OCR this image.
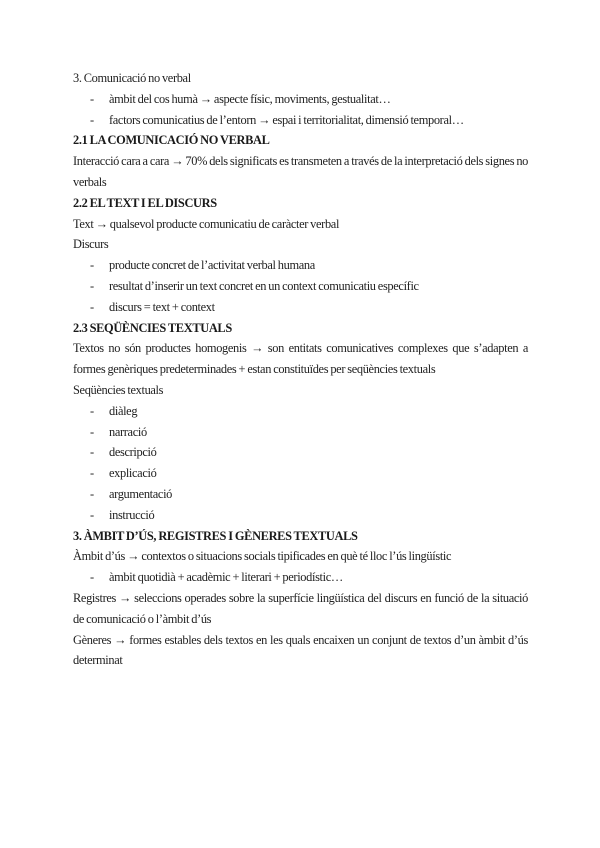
3. Comunicació no verbal
- àmbit del cos humà → aspecte físic, moviments, gestualitat…
- factors comunicatius de l’entorn → espai i territorialitat, dimensió temporal…
2.1 LA COMUNICACIÓ NO VERBAL
Interacció cara a cara → 70% dels significats es transmeten a través de la interpretació dels signes no verbals
2.2 EL TEXT I EL DISCURS
Text → qualsevol producte comunicatiu de caràcter verbal
Discurs
- producte concret de l’activitat verbal humana
- resultat d’inserir un text concret en un context comunicatiu específic
- discurs = text + context
2.3 SEQÜÈNCIES TEXTUALS
Textos no són productes homogenis → son entitats comunicatives complexes que s’adapten a formes genèriques predeterminades + estan constituïdes per seqüències textuals
Seqüències textuals
- diàleg
- narració
- descripció
- explicació
- argumentació
- instrucció
3. ÀMBIT D’ÚS, REGISTRES I GÈNERES TEXTUALS
Àmbit d’ús → contextos o situacions socials tipificades en què té lloc l’ús lingüístic
- àmbit quotidià + acadèmic + literari + periodístic…
Registres → seleccions operades sobre la superfície lingüística del discurs en funció de la situació de comunicació o l’àmbit d’ús
Gèneres → formes estables dels textos en les quals encaixen un conjunt de textos d’un àmbit d’ús determinat
